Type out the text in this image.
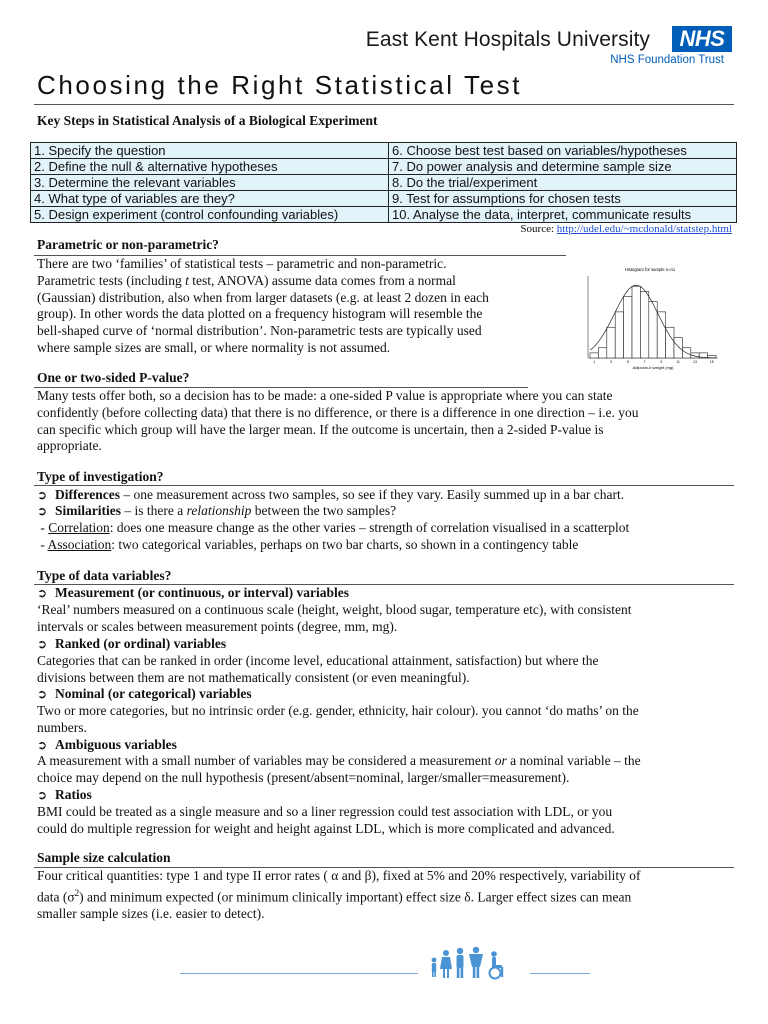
East Kent Hospitals University	NHS
NHS Foundation Trust
Choosing the Right Statistical Test
Key Steps in Statistical Analysis of a Biological Experiment
1. Specify the question	6. Choose best test based on variables/hypotheses
2. Define the null & alternative hypotheses	7. Do power analysis and determine sample size
3. Determine the relevant variables	8. Do the trial/experiment
4. What type of variables are they?	9. Test for assumptions for chosen tests
5. Design experiment (control confounding variables)	10. Analyse the data, interpret, communicate results
Source: http://udel.edu/~mcdonald/statstep.html
Parametric or non-parametric?
There are two ‘families’ of statistical tests – parametric and non-parametric.
Parametric tests (including t test, ANOVA) assume data comes from a normal
(Gaussian) distribution, also when from larger datasets (e.g. at least 2 dozen in each
group). In other words the data plotted on a frequency histogram will resemble the
bell-shaped curve of ‘normal distribution’. Non-parametric tests are typically used
where sample sizes are small, or where normality is not assumed.
Histogram for sample n=n1
1	3	5	7	9	11	13	15
Adipoxin-b weight (mg)
One or two-sided P-value?
Many tests offer both, so a decision has to be made: a one-sided P value is appropriate where you can state
confidently (before collecting data) that there is no difference, or there is a difference in one direction – i.e. you
can specific which group will have the larger mean. If the outcome is uncertain, then a 2-sided P-value is
appropriate.
Type of investigation?
➲ Differences – one measurement across two samples, so see if they vary. Easily summed up in a bar chart.
➲ Similarities – is there a relationship between the two samples?
- Correlation: does one measure change as the other varies – strength of correlation visualised in a scatterplot
- Association: two categorical variables, perhaps on two bar charts, so shown in a contingency table
Type of data variables?
➲ Measurement (or continuous, or interval) variables
‘Real’ numbers measured on a continuous scale (height, weight, blood sugar, temperature etc), with consistent
intervals or scales between measurement points (degree, mm, mg).
➲ Ranked (or ordinal) variables
Categories that can be ranked in order (income level, educational attainment, satisfaction) but where the
divisions between them are not mathematically consistent (or even meaningful).
➲ Nominal (or categorical) variables
Two or more categories, but no intrinsic order (e.g. gender, ethnicity, hair colour). you cannot ‘do maths’ on the
numbers.
➲ Ambiguous variables
A measurement with a small number of variables may be considered a measurement or a nominal variable – the
choice may depend on the null hypothesis (present/absent=nominal, larger/smaller=measurement).
➲ Ratios
BMI could be treated as a single measure and so a liner regression could test association with LDL, or you
could do multiple regression for weight and height against LDL, which is more complicated and advanced.
Sample size calculation
Four critical quantities: type 1 and type II error rates ( α and β), fixed at 5% and 20% respectively, variability of
data $(\sigma^2)$ and minimum expected (or minimum clinically important) effect size δ. Larger effect sizes can mean
smaller sample sizes (i.e. easier to detect).
